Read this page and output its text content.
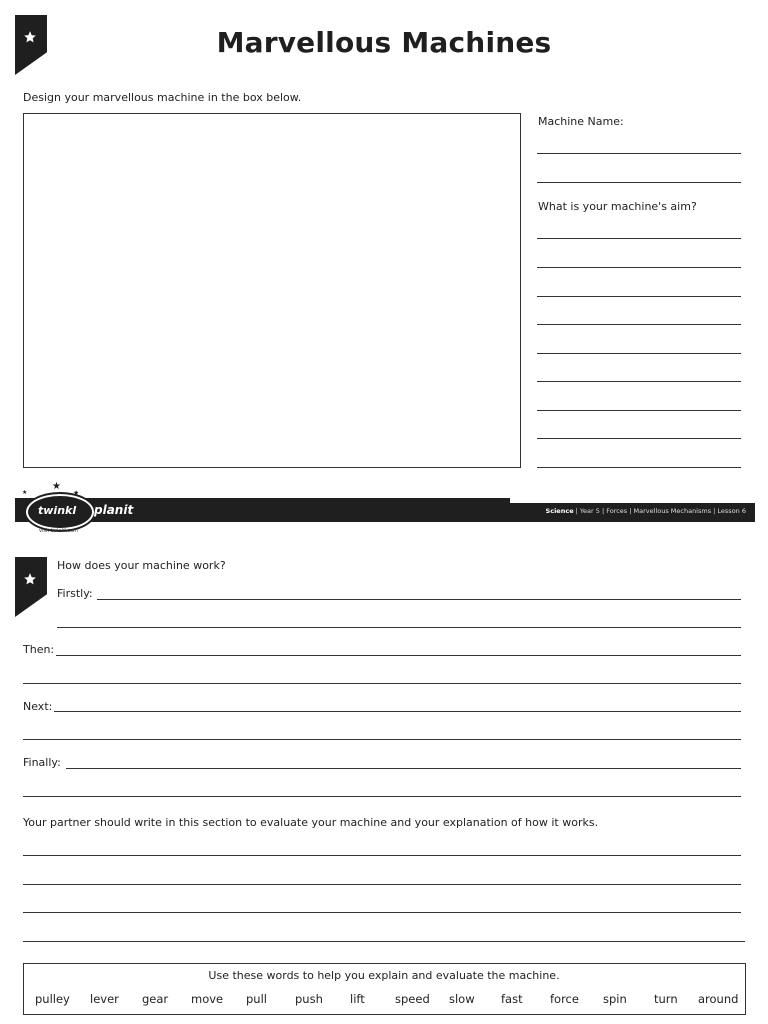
Marvellous Machines
Design your marvellous machine in the box below.
Machine Name:
What is your machine's aim?
twinkl
★
★	★
visit twinkl.com
planit	Science | Year 5 | Forces | Marvellous Mechanisms | Lesson 6
How does your machine work?
Firstly:
Then:
Next:
Finally:
Your partner should write in this section to evaluate your machine and your explanation of how it works.
Use these words to help you explain and evaluate the machine.
pulley lever gear move pull push lift	speed slow fast force spin turn around
